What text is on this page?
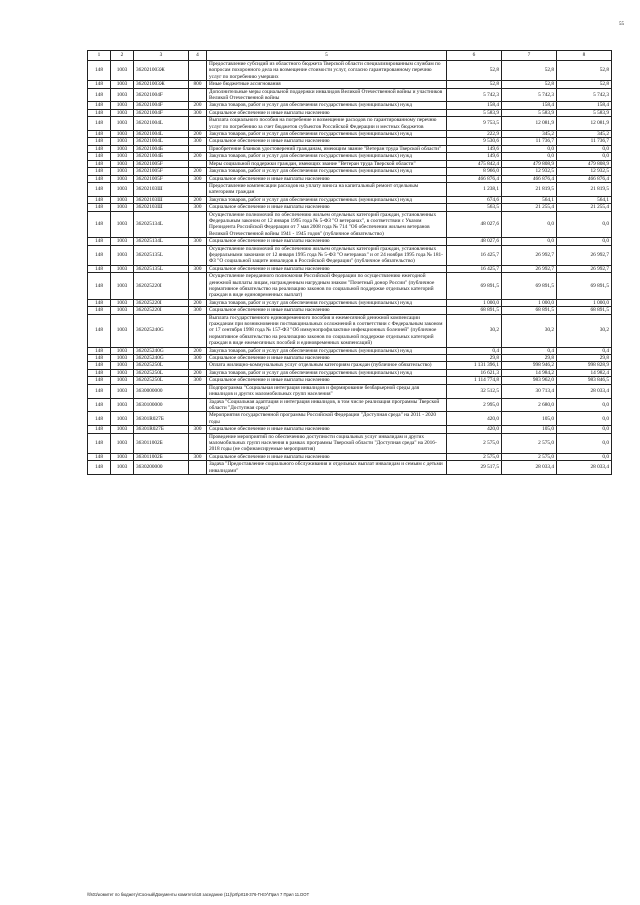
55
1	2	3	4	5	6	7	8
148	1003	362021003Ж		Предоставление субсидий из областного бюджета Тверской области специализированным службам по вопросам похоронного дела на возмещение стоимости услуг, согласно гарантированному перечню услуг по погребению умерших	52,8	52,8	52,8
148	1003	362021003Ж	800	Иные бюджетные ассигнования	52,8	52,8	52,8
148	1003	362021004F		Дополнительные меры социальной поддержки инвалидов Великой Отечественной войны и участников Великой Отечественной войны	5 742,3	5 742,3	5 742,3
148	1003	362021004F	200	Закупка товаров, работ и услуг для обеспечения государственных (муниципальных) нужд	158,4	158,4	158,4
148	1003	362021004F	300	Социальное обеспечение и иные выплаты населению	5 583,9	5 583,9	5 583,9
148	1003	362021004L		Выплата социального пособия на погребение и возмещение расходов по гарантированному перечню услуг по погребению за счет бюджетов субъектов Российской Федерации и местных бюджетов	9 753,5	12 081,9	12 081,9
148	1003	362021004L	200	Закупка товаров, работ и услуг для обеспечения государственных (муниципальных) нужд	222,9	345,2	345,2
148	1003	362021004L	300	Социальное обеспечение и иные выплаты населению	9 530,6	11 736,7	11 736,7
148	1003	362021004Б		Приобретение бланков удостоверений гражданам, имеющим звание "Ветеран труда Тверской области"	149,6	0,0	0,0
148	1003	362021004Б	200	Закупка товаров, работ и услуг для обеспечения государственных (муниципальных) нужд	149,6	0,0	0,0
148	1003	362021005F		Меры социальной поддержки граждан, имеющих звание "Ветеран труда Тверской области"	475 842,4	479 808,9	479 808,9
148	1003	362021005F	200	Закупка товаров, работ и услуг для обеспечения государственных (муниципальных) нужд	8 966,0	12 932,5	12 932,5
148	1003	362021005F	300	Социальное обеспечение и иные выплаты населению	466 876,4	466 876,4	466 876,4
148	1003	36202103Ш		Предоставление компенсации расходов на уплату взноса на капитальный ремонт отдельным категориям граждан	1 238,1	21 819,5	21 819,5
148	1003	36202103Ш	200	Закупка товаров, работ и услуг для обеспечения государственных (муниципальных) нужд	674,6	564,1	564,1
148	1003	36202103Ш	300	Социальное обеспечение и иные выплаты населению	563,5	21 255,4	21 255,4
148	1003	362025134L		Осуществление полномочий по обеспечению жильем отдельных категорий граждан, установленных Федеральным законом от 12 января 1995 года № 5-ФЗ "О ветеранах", в соответствии с Указом Президента Российской Федерации от 7 мая 2008 года № 714 "Об обеспечении жильем ветеранов Великой Отечественной войны 1941 - 1945 годов" (публичное обязательство)	48 027,6	0,0	0,0
148	1003	362025134L	300	Социальное обеспечение и иные выплаты населению	48 027,6	0,0	0,0
148	1003	362025135L		Осуществление полномочий по обеспечению жильем отдельных категорий граждан, установленных федеральными законами от 12 января 1995 года № 5-ФЗ "О ветеранах" и от 24 ноября 1995 года № 181-ФЗ "О социальной защите инвалидов в Российской Федерации" (публичное обязательство)	16 425,7	26 992,7	26 992,7
148	1003	362025135L	300	Социальное обеспечение и иные выплаты населению	16 425,7	26 992,7	26 992,7
148	1003	362025220I		Осуществление переданного полномочия Российской Федерации по осуществлению ежегодной денежной выплаты лицам, награжденным нагрудным знаком "Почетный донор России" (публичное нормативное обязательство на реализацию законов по социальной поддержке отдельных категорий граждан в виде единовременных выплат)	69 891,5	69 891,5	69 891,5
148	1003	362025220I	200	Закупка товаров, работ и услуг для обеспечения государственных (муниципальных) нужд	1 000,0	1 000,0	1 000,0
148	1003	362025220I	300	Социальное обеспечение и иные выплаты населению	68 891,5	68 891,5	68 891,5
148	1003	362025240G		Выплата государственного единовременного пособия и ежемесячной денежной компенсации гражданам при возникновении поствакцинальных осложнений в соответствии с Федеральным законом от 17 сентября 1998 года № 157-ФЗ "Об иммунопрофилактике инфекционных болезней" (публичное нормативное обязательство на реализацию законов по социальной поддержке отдельных категорий граждан в виде ежемесячных пособий и единовременных компенсаций)	30,2	30,2	30,2
148	1003	362025240G	200	Закупка товаров, работ и услуг для обеспечения государственных (муниципальных) нужд	0,4	0,4	0,4
148	1003	362025240G	300	Социальное обеспечение и иные выплаты населению	29,8	29,8	29,8
148	1003	362025250L		Оплата жилищно-коммунальных услуг отдельным категориям граждан (публичное обязательство)	1 131 396,1	998 946,2	998 828,9
148	1003	362025250L	200	Закупка товаров, работ и услуг для обеспечения государственных (муниципальных) нужд	16 621,3	14 984,2	14 982,4
148	1003	362025250L	300	Социальное обеспечение и иные выплаты населению	1 114 774,8	983 962,0	983 846,5
148	1003	3630000000		Подпрограмма "Социальная интеграция инвалидов и формирование безбарьерной среды для инвалидов и других маломобильных групп населения"	32 512,5	30 713,4	28 033,4
148	1003	3630100000		Задача "Социальная адаптация и интеграция инвалидов, в том числе реализация программы Тверской области "Доступная среда"	2 995,0	2 680,0	0,0
148	1003	36301R027Б		Мероприятия государственной программы Российской Федерации "Доступная среда" на 2011 - 2020 годы	420,0	105,0	0,0
148	1003	36301R027Б	300	Социальное обеспечение и иные выплаты населению	420,0	105,0	0,0
148	1003	363011002Б		Проведение мероприятий по обеспечению доступности социальных услуг инвалидам и других маломобильных групп населения в рамках программы Тверской области "Доступная среда" на 2016-2018 годы (не софинансируемые мероприятия)	2 575,0	2 575,0	0,0
148	1003	363011002Б	300	Социальное обеспечение и иные выплаты населению	2 575,0	2 575,0	0,0
148	1003	3630200000		Задача "Предоставление социального обслуживания и отдельных выплат инвалидам и семьям с детьми инвалидами"	29 517,5	28 033,4	28 033,4
\\fs01\комитет по бюджету\Сосный\Документы комитета\18 заседание (11)\prt\prt18-376-П-ЕУ\Прил 7 Прил 11.DOT
